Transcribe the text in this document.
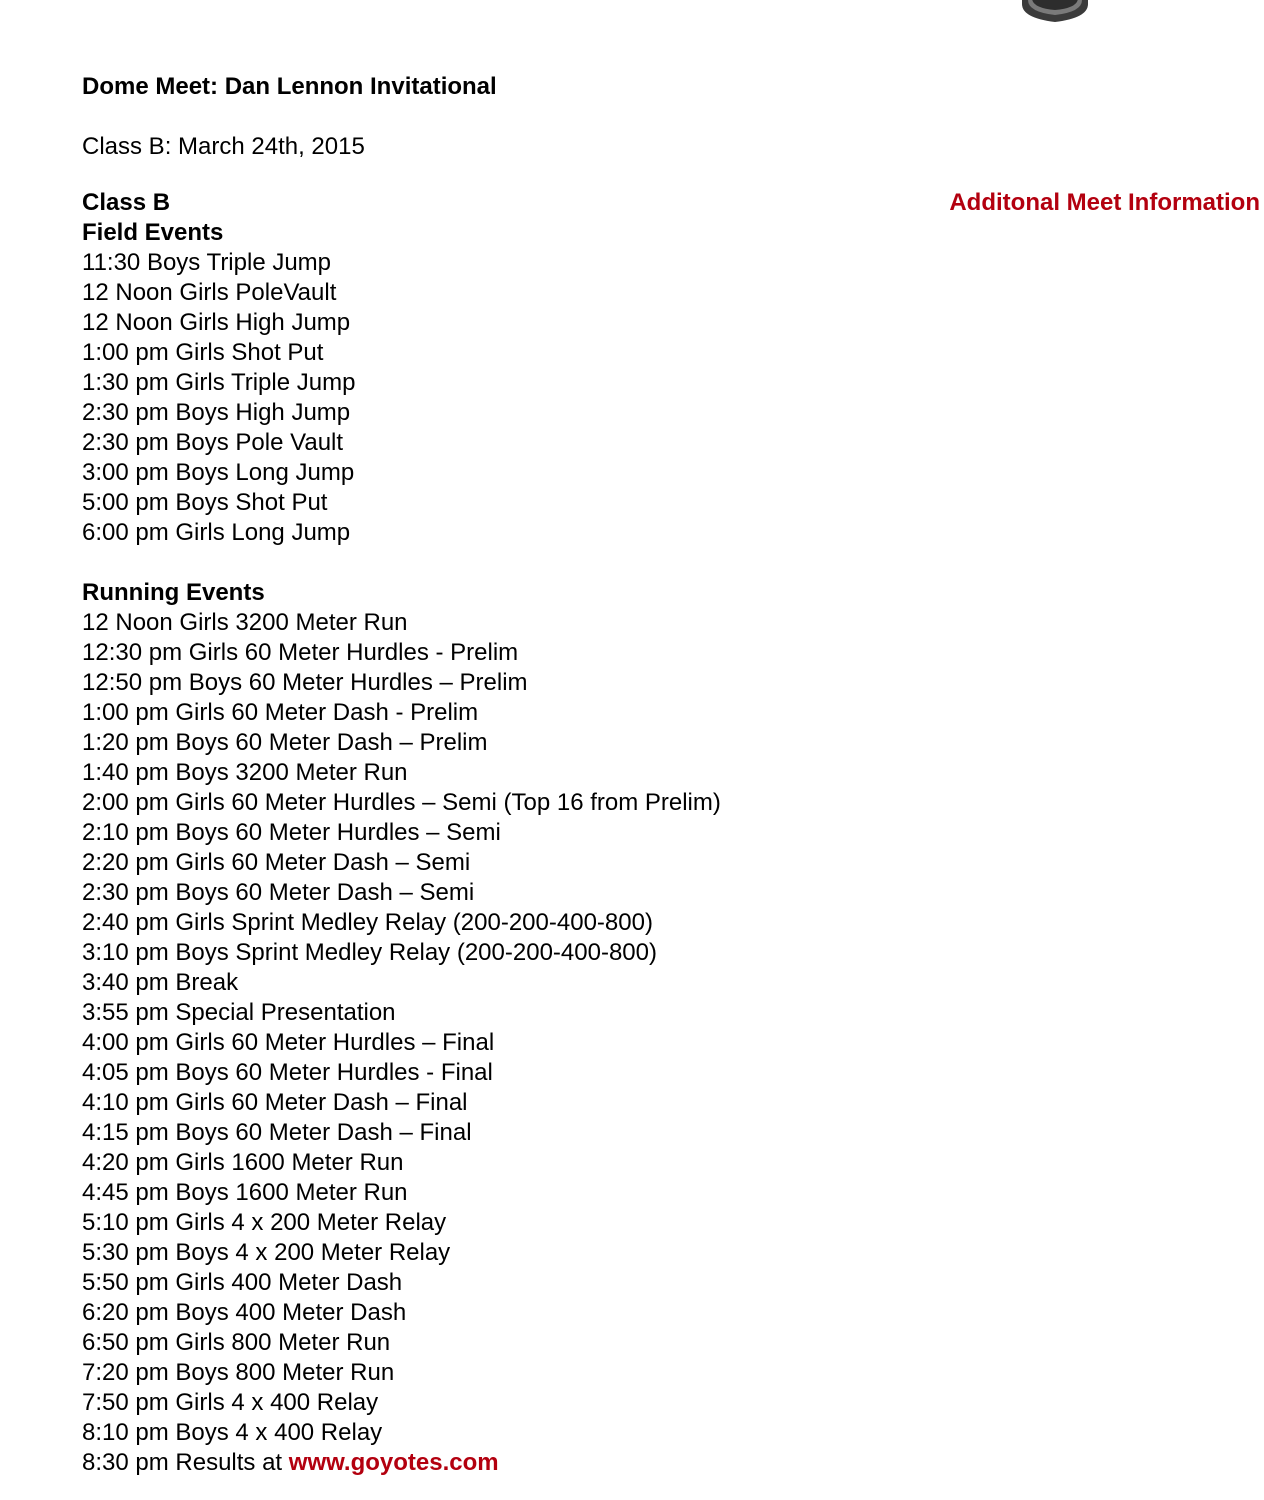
Dome Meet: Dan Lennon Invitational
Class B: March 24th, 2015
Additonal Meet Information
Class B
Field Events
11:30 Boys Triple Jump
12 Noon Girls PoleVault
12 Noon Girls High Jump
1:00 pm Girls Shot Put
1:30 pm Girls Triple Jump
2:30 pm Boys High Jump
2:30 pm Boys Pole Vault
3:00 pm Boys Long Jump
5:00 pm Boys Shot Put
6:00 pm Girls Long Jump
Running Events
12 Noon Girls 3200 Meter Run
12:30 pm Girls 60 Meter Hurdles - Prelim
12:50 pm Boys 60 Meter Hurdles – Prelim
1:00 pm Girls 60 Meter Dash - Prelim
1:20 pm Boys 60 Meter Dash – Prelim
1:40 pm Boys 3200 Meter Run
2:00 pm Girls 60 Meter Hurdles – Semi (Top 16 from Prelim)
2:10 pm Boys 60 Meter Hurdles – Semi
2:20 pm Girls 60 Meter Dash – Semi
2:30 pm Boys 60 Meter Dash – Semi
2:40 pm Girls Sprint Medley Relay (200-200-400-800)
3:10 pm Boys Sprint Medley Relay (200-200-400-800)
3:40 pm Break
3:55 pm Special Presentation
4:00 pm Girls 60 Meter Hurdles – Final
4:05 pm Boys 60 Meter Hurdles - Final
4:10 pm Girls 60 Meter Dash – Final
4:15 pm Boys 60 Meter Dash – Final
4:20 pm Girls 1600 Meter Run
4:45 pm Boys 1600 Meter Run
5:10 pm Girls 4 x 200 Meter Relay
5:30 pm Boys 4 x 200 Meter Relay
5:50 pm Girls 400 Meter Dash
6:20 pm Boys 400 Meter Dash
6:50 pm Girls 800 Meter Run
7:20 pm Boys 800 Meter Run
7:50 pm Girls 4 x 400 Relay
8:10 pm Boys 4 x 400 Relay
8:30 pm Results at www.goyotes.com
